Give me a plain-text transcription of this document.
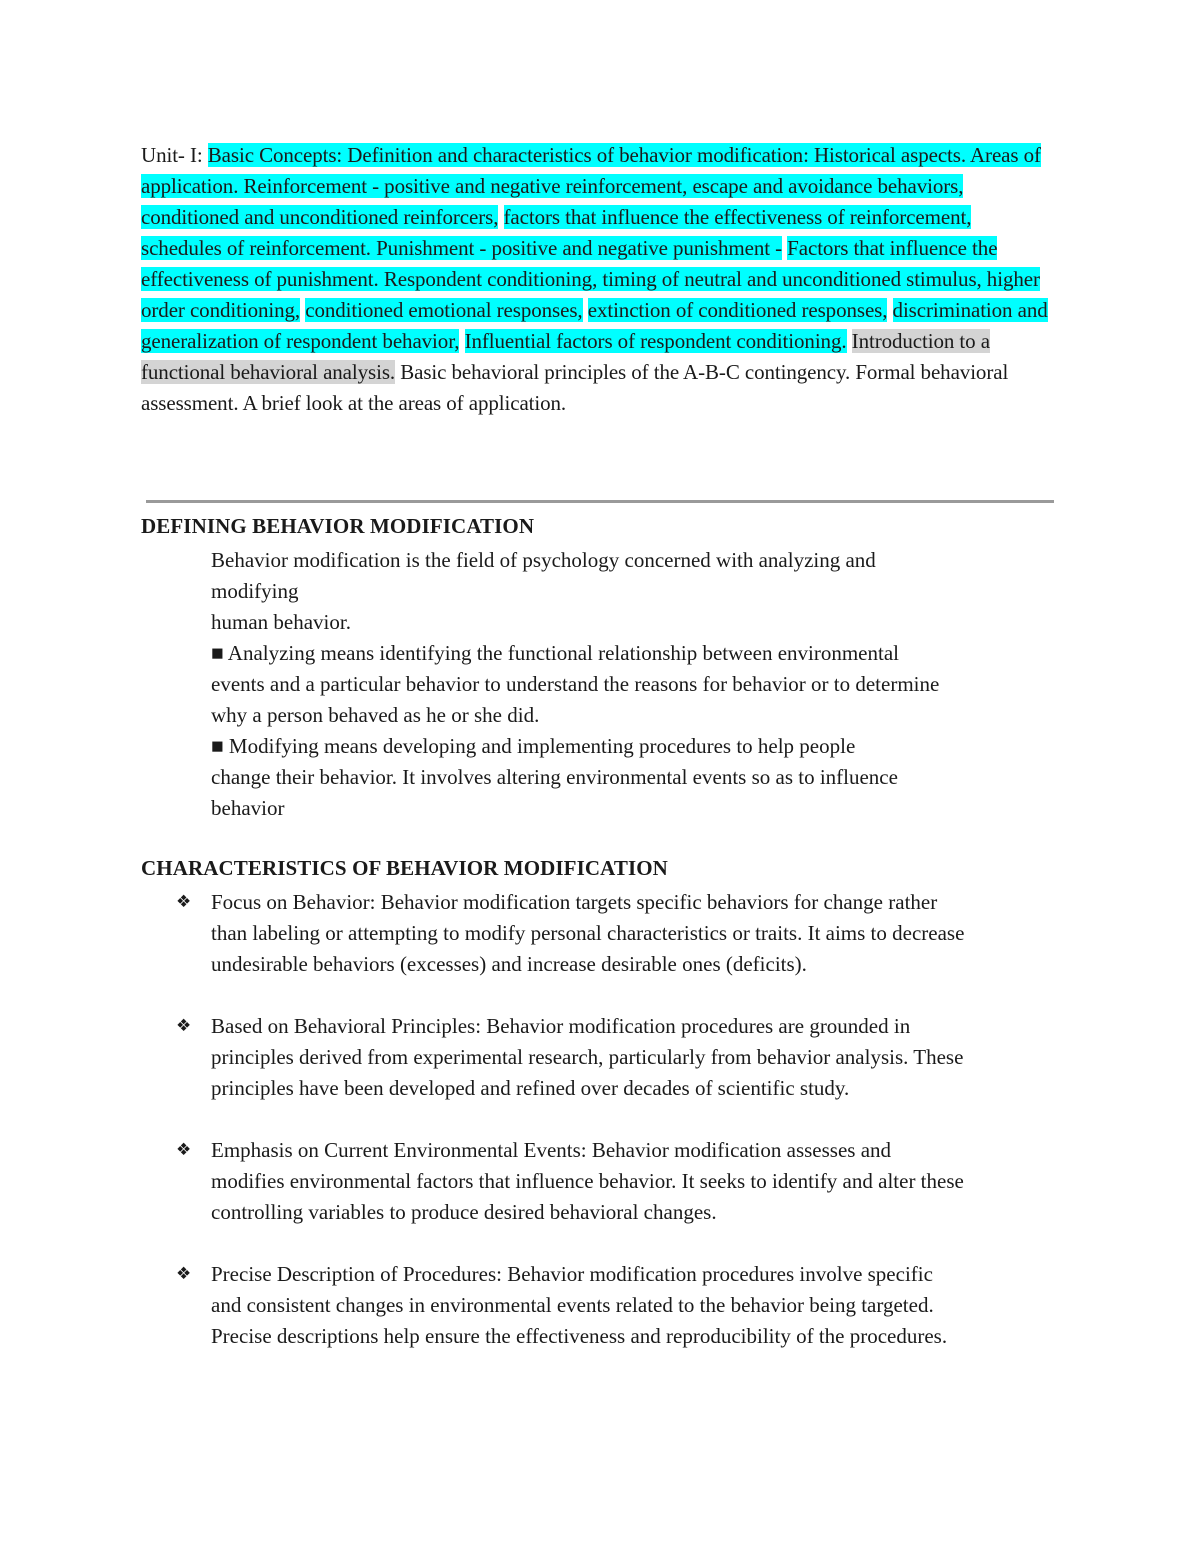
Unit- I: Basic Concepts: Definition and characteristics of behavior modification: Historical aspects. Areas of application. Reinforcement - positive and negative reinforcement, escape and avoidance behaviors, conditioned and unconditioned reinforcers, factors that influence the effectiveness of reinforcement, schedules of reinforcement. Punishment - positive and negative punishment - Factors that influence the effectiveness of punishment. Respondent conditioning, timing of neutral and unconditioned stimulus, higher order conditioning, conditioned emotional responses, extinction of conditioned responses, discrimination and generalization of respondent behavior, Influential factors of respondent conditioning. Introduction to a functional behavioral analysis. Basic behavioral principles of the A-B-C contingency. Formal behavioral assessment. A brief look at the areas of application.

DEFINING BEHAVIOR MODIFICATION
Behavior modification is the field of psychology concerned with analyzing and
modifying
human behavior.
■ Analyzing means identifying the functional relationship between environmental
events and a particular behavior to understand the reasons for behavior or to determine
why a person behaved as he or she did.
■ Modifying means developing and implementing procedures to help people
change their behavior. It involves altering environmental events so as to influence
behavior
CHARACTERISTICS OF BEHAVIOR MODIFICATION
❖ Focus on Behavior: Behavior modification targets specific behaviors for change rather
than labeling or attempting to modify personal characteristics or traits. It aims to decrease
undesirable behaviors (excesses) and increase desirable ones (deficits).
❖ Based on Behavioral Principles: Behavior modification procedures are grounded in
principles derived from experimental research, particularly from behavior analysis. These
principles have been developed and refined over decades of scientific study.
❖ Emphasis on Current Environmental Events: Behavior modification assesses and
modifies environmental factors that influence behavior. It seeks to identify and alter these
controlling variables to produce desired behavioral changes.
❖ Precise Description of Procedures: Behavior modification procedures involve specific
and consistent changes in environmental events related to the behavior being targeted.
Precise descriptions help ensure the effectiveness and reproducibility of the procedures.
